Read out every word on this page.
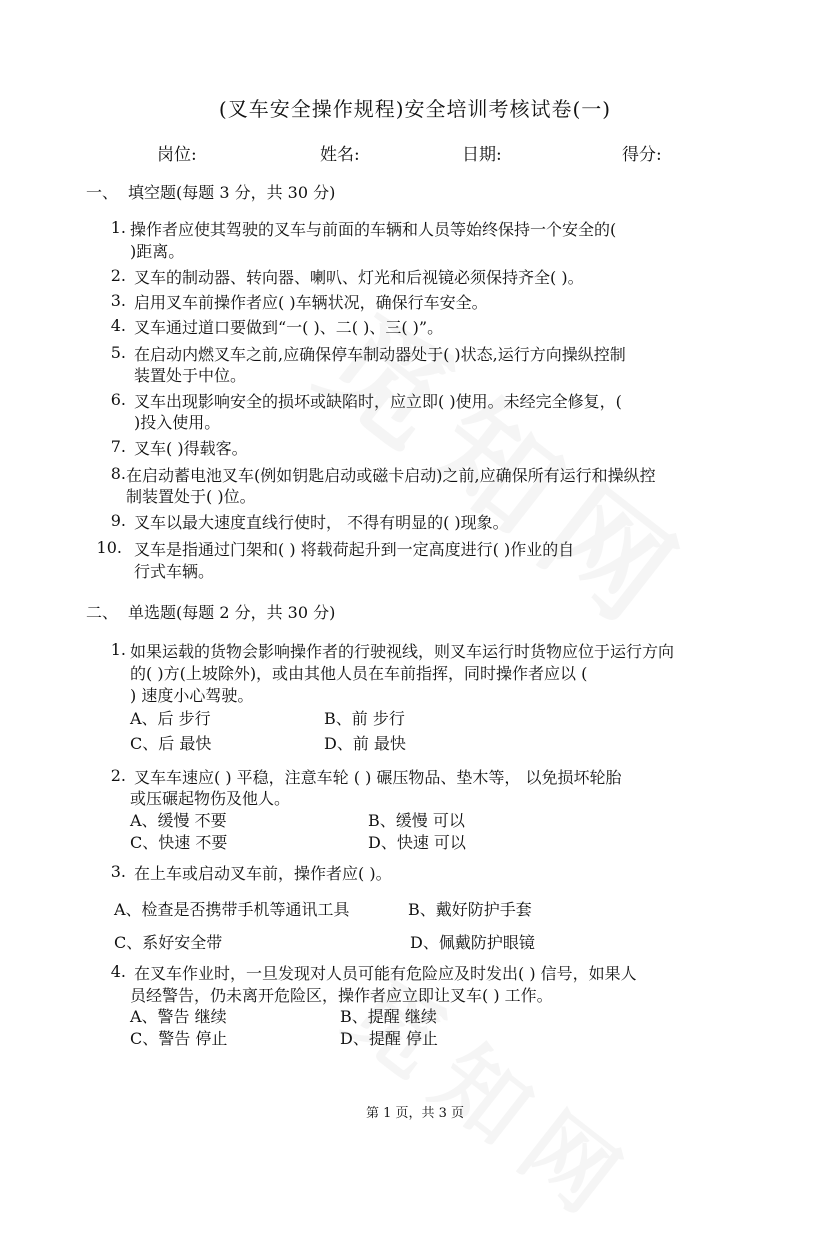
(叉车安全操作规程)安全培训考核试卷(一)
岗位:	姓名:	日期:	得分:
一、 填空题(每题 3 分，共 30 分)
1. 操作者应使其驾驶的叉车与前面的车辆和人员等始终保持一个安全的(
)距离。
2. 叉车的制动器、转向器、喇叭、灯光和后视镜必须保持齐全( )。
3. 启用叉车前操作者应( )车辆状况，确保行车安全。
4. 叉车通过道口要做到“一( )、二( )、三( )”。
5. 在启动内燃叉车之前,应确保停车制动器处于( )状态,运行方向操纵控制
装置处于中位。
6. 叉车出现影响安全的损坏或缺陷时，应立即( )使用。未经完全修复，(
)投入使用。
7. 叉车( )得载客。
8. 在启动蓄电池叉车(例如钥匙启动或磁卡启动)之前,应确保所有运行和操纵控
制装置处于( )位。
9. 叉车以最大速度直线行使时， 不得有明显的( )现象。
10. 叉车是指通过门架和( ) 将载荷起升到一定高度进行( )作业的自
行式车辆。
二、 单选题(每题 2 分，共 30 分)
1. 如果运载的货物会影响操作者的行驶视线，则叉车运行时货物应位于运行方向
的( )方(上坡除外)，或由其他人员在车前指挥，同时操作者应以 (
) 速度小心驾驶。
A、后 步行	B、前 步行
C、后 最快	D、前 最快
2. 叉车车速应( ) 平稳，注意车轮 ( ) 碾压物品、垫木等， 以免损坏轮胎
或压碾起物伤及他人。
A、缓慢 不要	B、缓慢 可以
C、快速 不要	D、快速 可以
3. 在上车或启动叉车前，操作者应( )。
A、检查是否携带手机等通讯工具	B、戴好防护手套
C、系好安全带	D、佩戴防护眼镜
4. 在叉车作业时，一旦发现对人员可能有危险应及时发出( ) 信号，如果人
员经警告，仍未离开危险区，操作者应立即让叉车( ) 工作。
A、警告 继续	B、提醒 继续
C、警告 停止	D、提醒 停止
第 1 页，共 3 页
